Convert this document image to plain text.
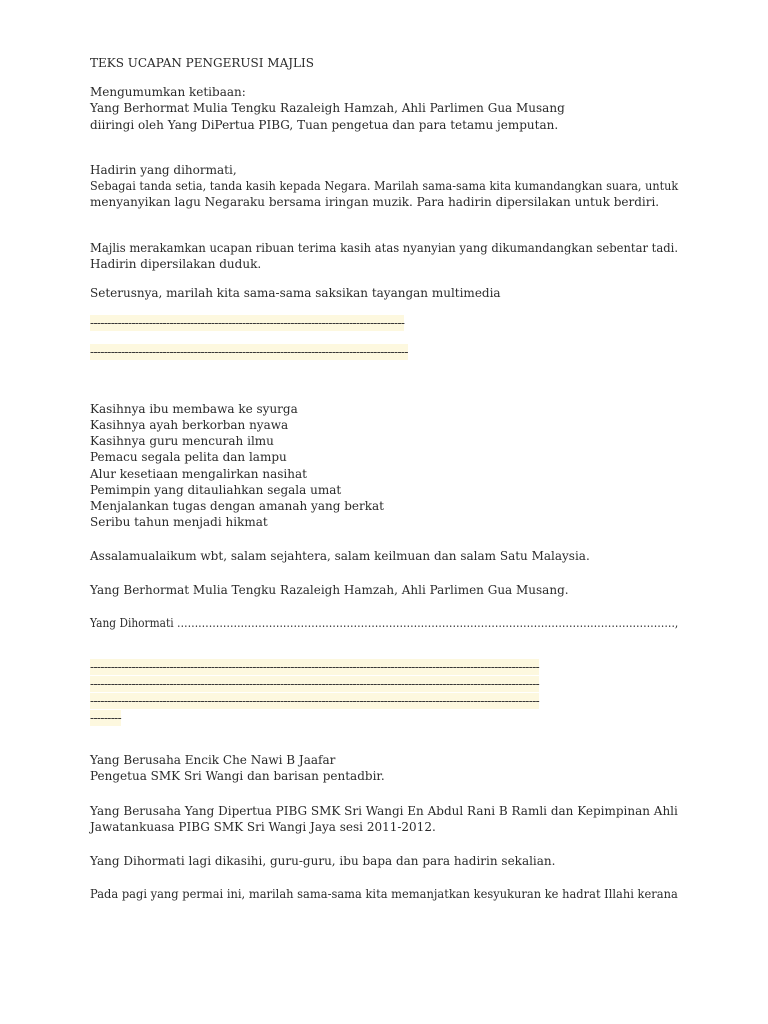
TEKS UCAPAN PENGERUSI MAJLIS
Mengumumkan ketibaan:
Yang Berhormat Mulia Tengku Razaleigh Hamzah, Ahli Parlimen Gua Musang
diiringi oleh Yang DiPertua PIBG, Tuan pengetua dan para tetamu jemputan.
Hadirin yang dihormati,
Sebagai tanda setia, tanda kasih kepada Negara. Marilah sama-sama kita kumandangkan suara, untuk
menyanyikan lagu Negaraku bersama iringan muzik. Para hadirin dipersilakan untuk berdiri.
Majlis merakamkan ucapan ribuan terima kasih atas nyanyian yang dikumandangkan sebentar tadi.
Hadirin dipersilakan duduk.
Seterusnya, marilah kita sama-sama saksikan tayangan multimedia
-------------------------------------------------------------------------------------------
--------------------------------------------------------------------------------------------
Kasihnya ibu membawa ke syurga
Kasihnya ayah berkorban nyawa
Kasihnya guru mencurah ilmu
Pemacu segala pelita dan lampu
Alur kesetiaan mengalirkan nasihat
Pemimpin yang ditauliahkan segala umat
Menjalankan tugas dengan amanah yang berkat
Seribu tahun menjadi hikmat
Assalamualaikum wbt, salam sejahtera, salam keilmuan dan salam Satu Malaysia.
Yang Berhormat Mulia Tengku Razaleigh Hamzah, Ahli Parlimen Gua Musang.
Yang Dihormati ……………………………………………………………………………………………………………………………,
----------------------------------------------------------------------------------------------------------------------------------
----------------------------------------------------------------------------------------------------------------------------------
----------------------------------------------------------------------------------------------------------------------------------
---------
Yang Berusaha Encik Che Nawi B Jaafar
Pengetua SMK Sri Wangi dan barisan pentadbir.
Yang Berusaha Yang Dipertua PIBG SMK Sri Wangi En Abdul Rani B Ramli dan Kepimpinan Ahli
Jawatankuasa PIBG SMK Sri Wangi Jaya sesi 2011-2012.
Yang Dihormati lagi dikasihi, guru-guru, ibu bapa dan para hadirin sekalian.
Pada pagi yang permai ini, marilah sama-sama kita memanjatkan kesyukuran ke hadrat Illahi kerana
